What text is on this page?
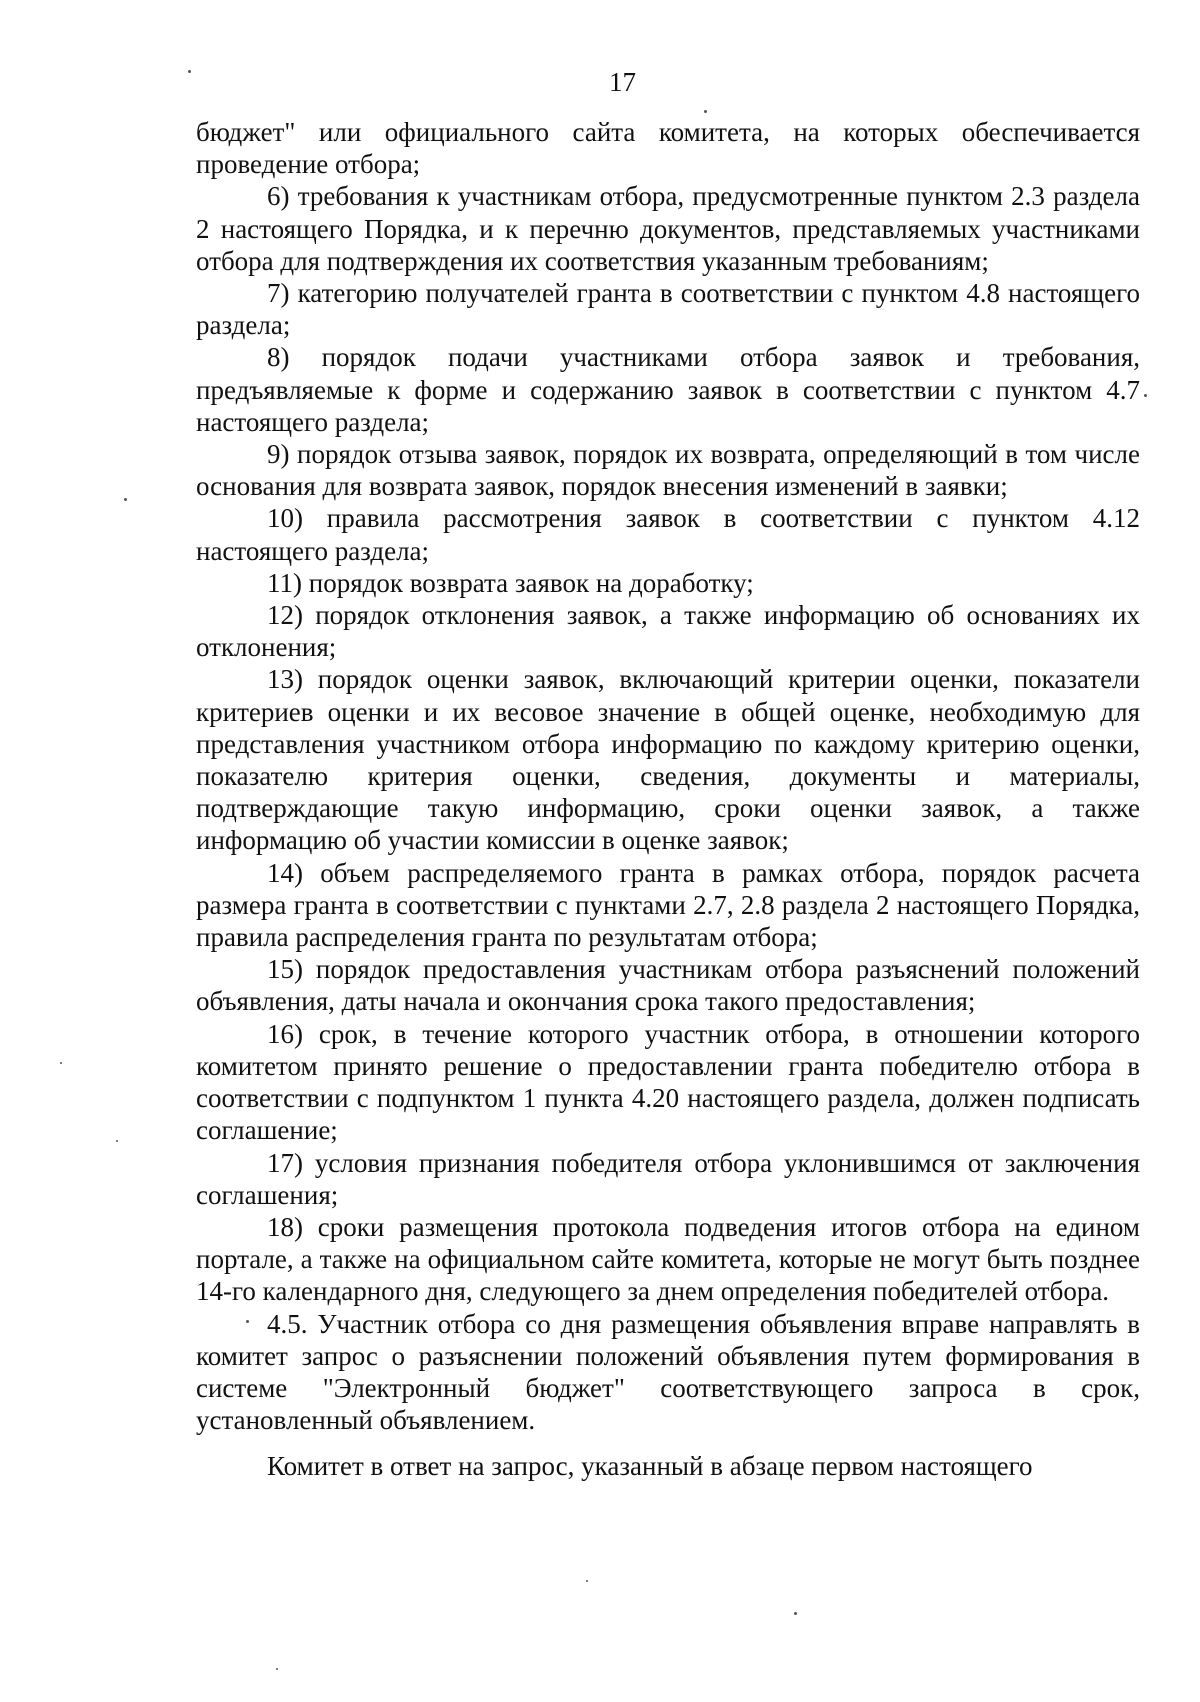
17

бюджет" или официального сайта комитета, на которых обеспечивается проведение отбора;

6) требования к участникам отбора, предусмотренные пунктом 2.3 раздела 2 настоящего Порядка, и к перечню документов, представляемых участниками отбора для подтверждения их соответствия указанным требованиям;

7) категорию получателей гранта в соответствии с пунктом 4.8 настоящего раздела;

8) порядок подачи участниками отбора заявок и требования, предъявляемые к форме и содержанию заявок в соответствии с пунктом 4.7 настоящего раздела;

9) порядок отзыва заявок, порядок их возврата, определяющий в том числе основания для возврата заявок, порядок внесения изменений в заявки;

10) правила рассмотрения заявок в соответствии с пунктом 4.12 настоящего раздела;

11) порядок возврата заявок на доработку;

12) порядок отклонения заявок, а также информацию об основаниях их отклонения;

13) порядок оценки заявок, включающий критерии оценки, показатели критериев оценки и их весовое значение в общей оценке, необходимую для представления участником отбора информацию по каждому критерию оценки, показателю критерия оценки, сведения, документы и материалы, подтверждающие такую информацию, сроки оценки заявок, а также информацию об участии комиссии в оценке заявок;

14) объем распределяемого гранта в рамках отбора, порядок расчета размера гранта в соответствии с пунктами 2.7, 2.8 раздела 2 настоящего Порядка, правила распределения гранта по результатам отбора;

15) порядок предоставления участникам отбора разъяснений положений объявления, даты начала и окончания срока такого предоставления;

16) срок, в течение которого участник отбора, в отношении которого комитетом принято решение о предоставлении гранта победителю отбора в соответствии с подпунктом 1 пункта 4.20 настоящего раздела, должен подписать соглашение;

17) условия признания победителя отбора уклонившимся от заключения соглашения;

18) сроки размещения протокола подведения итогов отбора на едином портале, а также на официальном сайте комитета, которые не могут быть позднее 14-го календарного дня, следующего за днем определения победителей отбора.

4.5. Участник отбора со дня размещения объявления вправе направлять в комитет запрос о разъяснении положений объявления путем формирования в системе "Электронный бюджет" соответствующего запроса в срок, установленный объявлением.

Комитет в ответ на запрос, указанный в абзаце первом настоящего
